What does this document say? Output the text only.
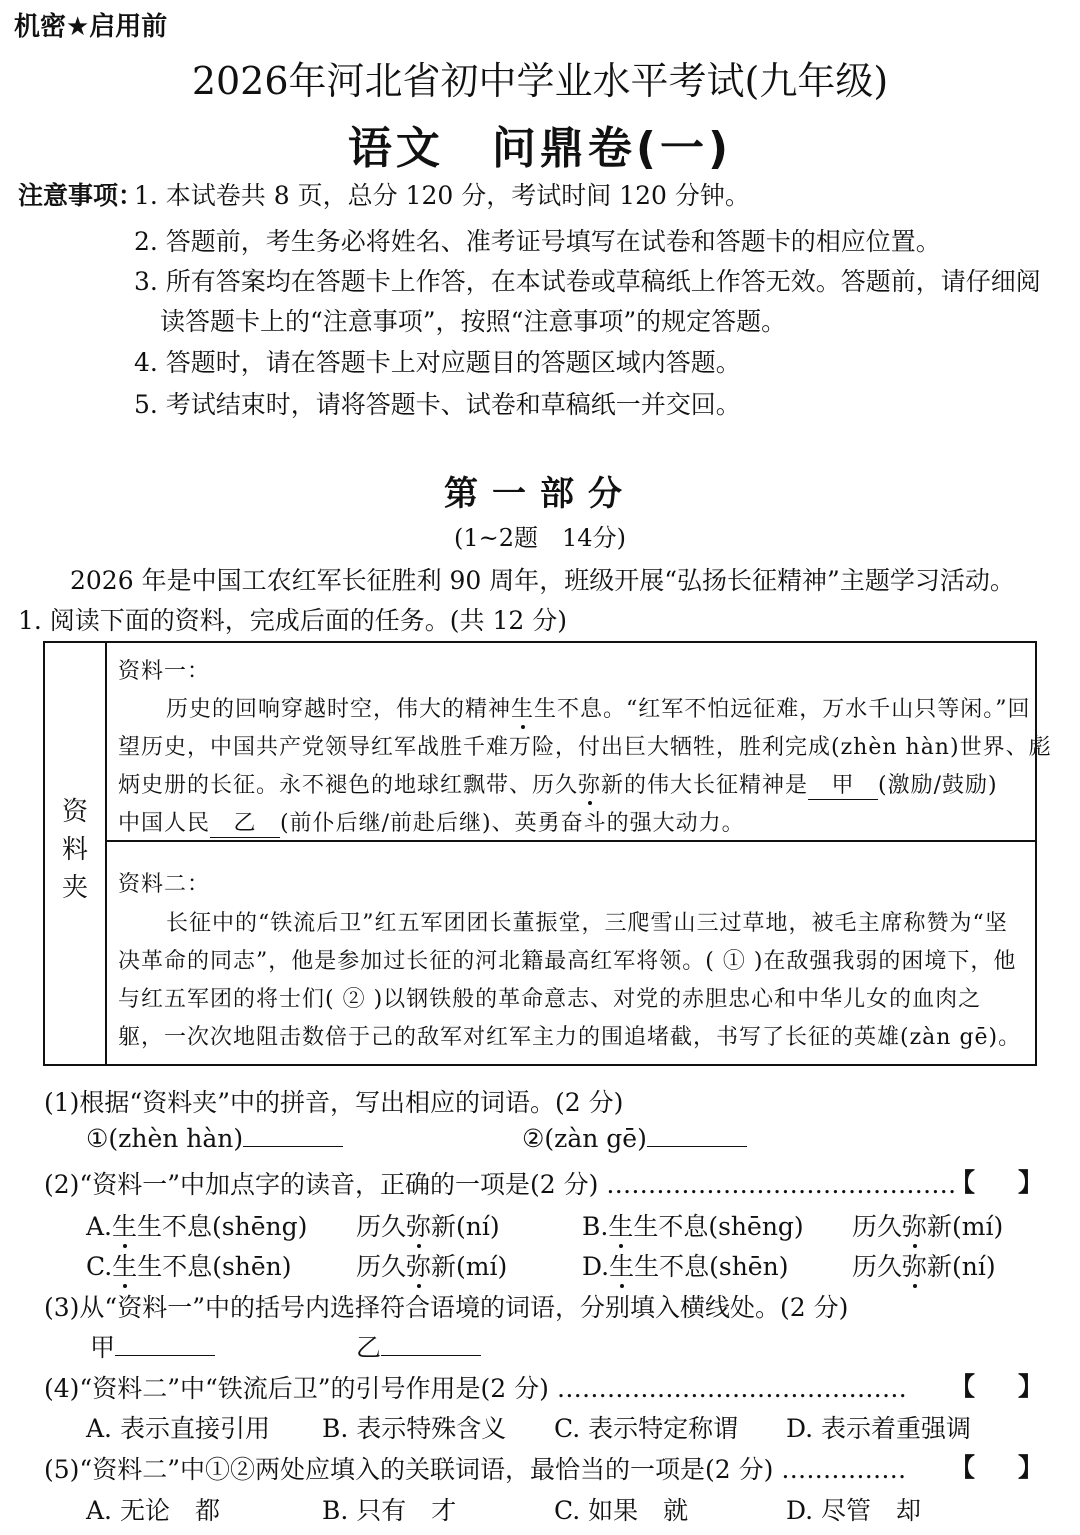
机密★启用前
2026年河北省初中学业水平考试(九年级)
语文　问鼎卷(一)
注意事项：
1. 本试卷共 8 页，总分 120 分，考试时间 120 分钟。
2. 答题前，考生务必将姓名、准考证号填写在试卷和答题卡的相应位置。
3. 所有答案均在答题卡上作答，在本试卷或草稿纸上作答无效。答题前，请仔细阅
读答题卡上的“注意事项”，按照“注意事项”的规定答题。
4. 答题时，请在答题卡上对应题目的答题区域内答题。
5. 考试结束时，请将答题卡、试卷和草稿纸一并交回。
第一部分
(1~2题　14分)
2026 年是中国工农红军长征胜利 90 周年，班级开展“弘扬长征精神”主题学习活动。
1. 阅读下面的资料，完成后面的任务。(共 12 分)
资料夹
资料一：
历史的回响穿越时空，伟大的精神生生不息。“红军不怕远征难，万水千山只等闲。”回
望历史，中国共产党领导红军战胜千难万险，付出巨大牺牲，胜利完成(zhèn hàn)世界、彪
炳史册的长征。永不褪色的地球红飘带、历久弥新的伟大长征精神是 甲 (激励/鼓励)
中国人民 乙 (前仆后继/前赴后继)、英勇奋斗的强大动力。
资料二：
长征中的“铁流后卫”红五军团团长董振堂，三爬雪山三过草地，被毛主席称赞为“坚
决革命的同志”，他是参加过长征的河北籍最高红军将领。( ① )在敌强我弱的困境下，他
与红五军团的将士们( ② )以钢铁般的革命意志、对党的赤胆忠心和中华儿女的血肉之
躯，一次次地阻击数倍于己的敌军对红军主力的围追堵截，书写了长征的英雄(zàn gē)。
(1)根据“资料夹”中的拼音，写出相应的词语。(2 分)
①(zhèn hàn)	②(zàn gē)
(2)“资料一”中加点字的读音，正确的一项是(2 分) ……………………………………
【 】
A.生生不息(shēng) 历久弥新(ní)	B.生生不息(shēng) 历久弥新(mí)
C.生生不息(shēn)	历久弥新(mí)	D.生生不息(shēn)	历久弥新(ní)
(3)从“资料一”中的括号内选择符合语境的词语，分别填入横线处。(2 分)
甲	乙
(4)“资料二”中“铁流后卫”的引号作用是(2 分) …………………………………… 【 】
A. 表示直接引用 B. 表示特殊含义 C. 表示特定称谓 D. 表示着重强调
(5)“资料二”中①②两处应填入的关联词语，最恰当的一项是(2 分) …………… 【 】
A. 无论　都	B. 只有　才	C. 如果　就	D. 尽管　却
